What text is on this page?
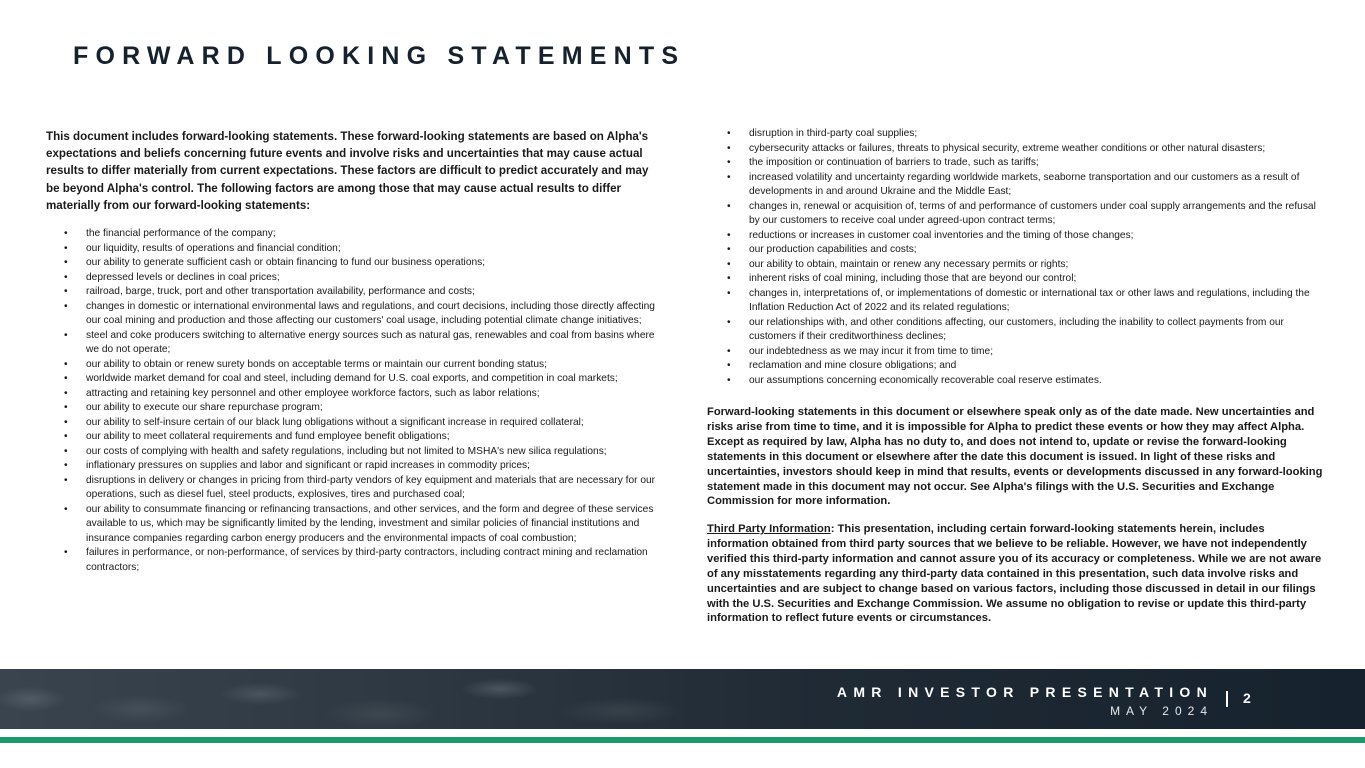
FORWARD LOOKING STATEMENTS
This document includes forward-looking statements. These forward-looking statements are based on Alpha's expectations and beliefs concerning future events and involve risks and uncertainties that may cause actual results to differ materially from current expectations. These factors are difficult to predict accurately and may be beyond Alpha's control. The following factors are among those that may cause actual results to differ materially from our forward-looking statements:
• the financial performance of the company;
• our liquidity, results of operations and financial condition;
• our ability to generate sufficient cash or obtain financing to fund our business operations;
• depressed levels or declines in coal prices;
• railroad, barge, truck, port and other transportation availability, performance and costs;
• changes in domestic or international environmental laws and regulations, and court decisions, including those directly affecting our coal mining and production and those affecting our customers' coal usage, including potential climate change initiatives;
• steel and coke producers switching to alternative energy sources such as natural gas, renewables and coal from basins where we do not operate;
• our ability to obtain or renew surety bonds on acceptable terms or maintain our current bonding status;
• worldwide market demand for coal and steel, including demand for U.S. coal exports, and competition in coal markets;
• attracting and retaining key personnel and other employee workforce factors, such as labor relations;
• our ability to execute our share repurchase program;
• our ability to self-insure certain of our black lung obligations without a significant increase in required collateral;
• our ability to meet collateral requirements and fund employee benefit obligations;
• our costs of complying with health and safety regulations, including but not limited to MSHA's new silica regulations;
• inflationary pressures on supplies and labor and significant or rapid increases in commodity prices;
• disruptions in delivery or changes in pricing from third-party vendors of key equipment and materials that are necessary for our operations, such as diesel fuel, steel products, explosives, tires and purchased coal;
• our ability to consummate financing or refinancing transactions, and other services, and the form and degree of these services available to us, which may be significantly limited by the lending, investment and similar policies of financial institutions and insurance companies regarding carbon energy producers and the environmental impacts of coal combustion;
• failures in performance, or non-performance, of services by third-party contractors, including contract mining and reclamation contractors;
• disruption in third-party coal supplies;
• cybersecurity attacks or failures, threats to physical security, extreme weather conditions or other natural disasters;
• the imposition or continuation of barriers to trade, such as tariffs;
• increased volatility and uncertainty regarding worldwide markets, seaborne transportation and our customers as a result of developments in and around Ukraine and the Middle East;
• changes in, renewal or acquisition of, terms of and performance of customers under coal supply arrangements and the refusal by our customers to receive coal under agreed-upon contract terms;
• reductions or increases in customer coal inventories and the timing of those changes;
• our production capabilities and costs;
• our ability to obtain, maintain or renew any necessary permits or rights;
• inherent risks of coal mining, including those that are beyond our control;
• changes in, interpretations of, or implementations of domestic or international tax or other laws and regulations, including the Inflation Reduction Act of 2022 and its related regulations;
• our relationships with, and other conditions affecting, our customers, including the inability to collect payments from our customers if their creditworthiness declines;
• our indebtedness as we may incur it from time to time;
• reclamation and mine closure obligations; and
• our assumptions concerning economically recoverable coal reserve estimates.
Forward-looking statements in this document or elsewhere speak only as of the date made. New uncertainties and risks arise from time to time, and it is impossible for Alpha to predict these events or how they may affect Alpha. Except as required by law, Alpha has no duty to, and does not intend to, update or revise the forward-looking statements in this document or elsewhere after the date this document is issued. In light of these risks and uncertainties, investors should keep in mind that results, events or developments discussed in any forward-looking statement made in this document may not occur. See Alpha's filings with the U.S. Securities and Exchange Commission for more information.
Third Party Information: This presentation, including certain forward-looking statements herein, includes information obtained from third party sources that we believe to be reliable. However, we have not independently verified this third-party information and cannot assure you of its accuracy or completeness. While we are not aware of any misstatements regarding any third-party data contained in this presentation, such data involve risks and uncertainties and are subject to change based on various factors, including those discussed in detail in our filings with the U.S. Securities and Exchange Commission. We assume no obligation to revise or update this third-party information to reflect future events or circumstances.
AMR INVESTOR PRESENTATION
MAY 2024
2
